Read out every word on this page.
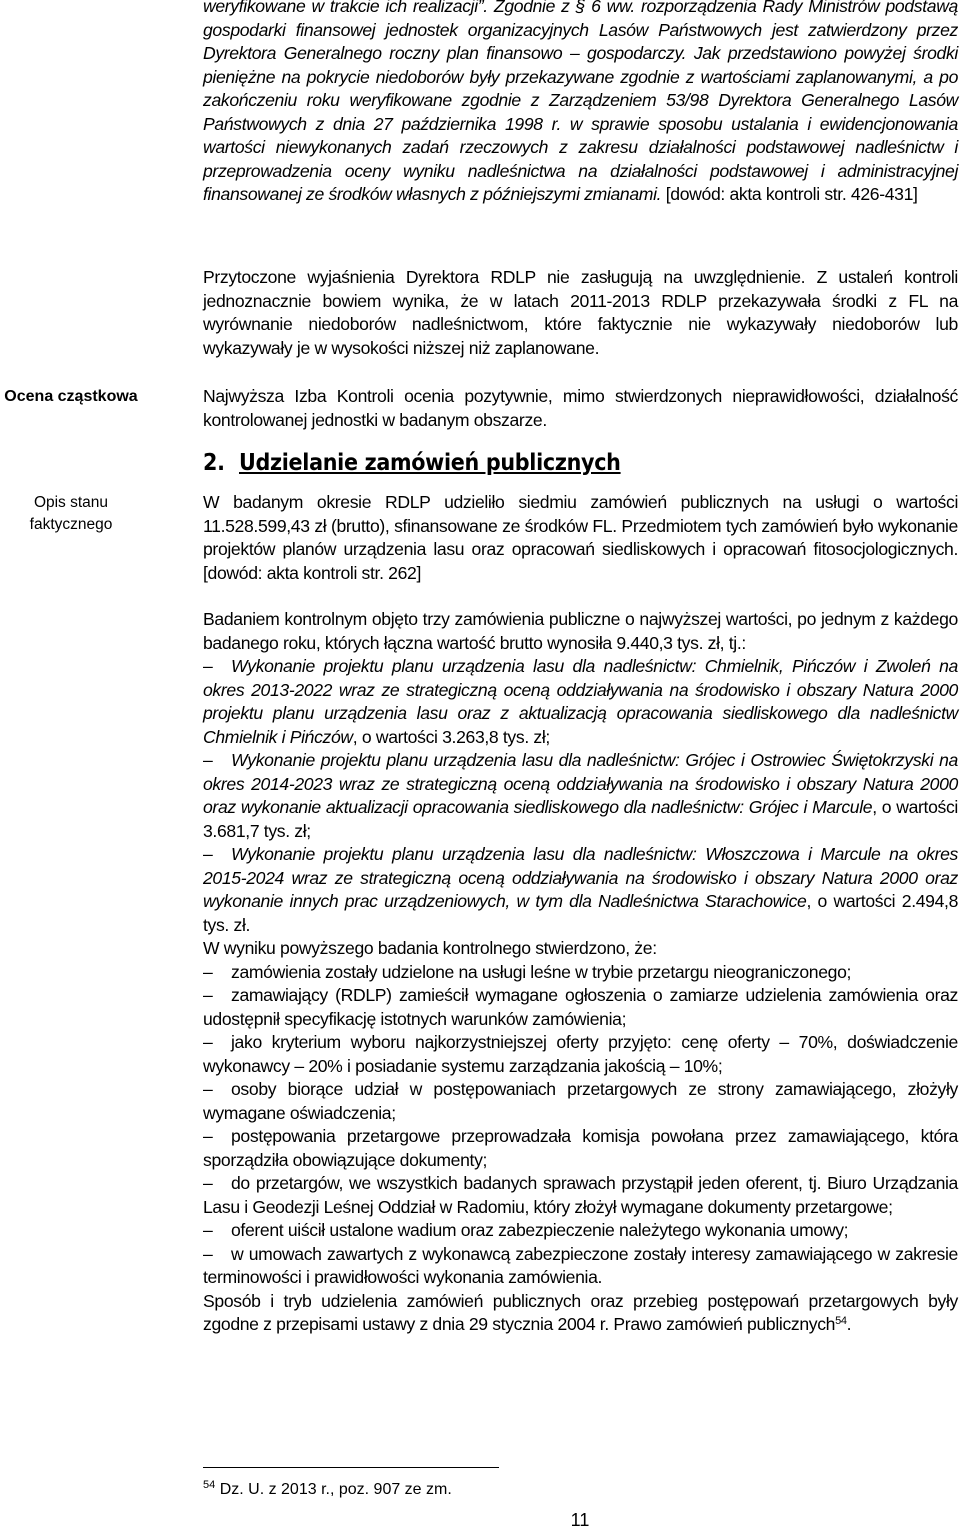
Ocena cząstkowa
Opis stanu
faktycznego

weryfikowane w trakcie ich realizacji”. Zgodnie z § 6 ww. rozporządzenia Rady Ministrów podstawą gospodarki finansowej jednostek organizacyjnych Lasów Państwowych jest zatwierdzony przez Dyrektora Generalnego roczny plan finansowo – gospodarczy. Jak przedstawiono powyżej środki pieniężne na pokrycie niedoborów były przekazywane zgodnie z wartościami zaplanowanymi, a po zakończeniu roku weryfikowane zgodnie z Zarządzeniem 53/98 Dyrektora Generalnego Lasów Państwowych z dnia 27 października 1998 r. w sprawie sposobu ustalania i ewidencjonowania wartości niewykonanych zadań rzeczowych z zakresu działalności podstawowej nadleśnictw i przeprowadzenia oceny wyniku nadleśnictwa na działalności podstawowej i administracyjnej finansowanej ze środków własnych z późniejszymi zmianami. [dowód: akta kontroli str. 426-431]

Przytoczone wyjaśnienia Dyrektora RDLP nie zasługują na uwzględnienie. Z ustaleń kontroli jednoznacznie bowiem wynika, że w latach 2011-2013 RDLP przekazywała środki z FL na wyrównanie niedoborów nadleśnictwom, które faktycznie nie wykazywały niedoborów lub wykazywały je w wysokości niższej niż zaplanowane.

Najwyższa Izba Kontroli ocenia pozytywnie, mimo stwierdzonych nieprawidłowości, działalność kontrolowanej jednostki w badanym obszarze.

2. Udzielanie zamówień publicznych

W badanym okresie RDLP udzieliło siedmiu zamówień publicznych na usługi o wartości 11.528.599,43 zł (brutto), sfinansowane ze środków FL. Przedmiotem tych zamówień było wykonanie projektów planów urządzenia lasu oraz opracowań siedliskowych i opracowań fitosocjologicznych. [dowód: akta kontroli str. 262]

Badaniem kontrolnym objęto trzy zamówienia publiczne o najwyższej wartości, po jednym z każdego badanego roku, których łączna wartość brutto wynosiła 9.440,3 tys. zł, tj.:

– Wykonanie projektu planu urządzenia lasu dla nadleśnictw: Chmielnik, Pińczów i Zwoleń na okres 2013-2022 wraz ze strategiczną oceną oddziaływania na środowisko i obszary Natura 2000 projektu planu urządzenia lasu oraz z aktualizacją opracowania siedliskowego dla nadleśnictw Chmielnik i Pińczów, o wartości 3.263,8 tys. zł;

– Wykonanie projektu planu urządzenia lasu dla nadleśnictw: Grójec i Ostrowiec Świętokrzyski na okres 2014-2023 wraz ze strategiczną oceną oddziaływania na środowisko i obszary Natura 2000 oraz wykonanie aktualizacji opracowania siedliskowego dla nadleśnictw: Grójec i Marcule, o wartości 3.681,7 tys. zł;

– Wykonanie projektu planu urządzenia lasu dla nadleśnictw: Włoszczowa i Marcule na okres 2015-2024 wraz ze strategiczną oceną oddziaływania na środowisko i obszary Natura 2000 oraz wykonanie innych prac urządzeniowych, w tym dla Nadleśnictwa Starachowice, o wartości 2.494,8 tys. zł.

W wyniku powyższego badania kontrolnego stwierdzono, że:

– zamówienia zostały udzielone na usługi leśne w trybie przetargu nieograniczonego;

– zamawiający (RDLP) zamieścił wymagane ogłoszenia o zamiarze udzielenia zamówienia oraz udostępnił specyfikację istotnych warunków zamówienia;

– jako kryterium wyboru najkorzystniejszej oferty przyjęto: cenę oferty – 70%, doświadczenie wykonawcy – 20% i posiadanie systemu zarządzania jakością – 10%;

– osoby biorące udział w postępowaniach przetargowych ze strony zamawiającego, złożyły wymagane oświadczenia;

– postępowania przetargowe przeprowadzała komisja powołana przez zamawiającego, która sporządziła obowiązujące dokumenty;

– do przetargów, we wszystkich badanych sprawach przystąpił jeden oferent, tj. Biuro Urządzania Lasu i Geodezji Leśnej Oddział w Radomiu, który złożył wymagane dokumenty przetargowe;

– oferent uiścił ustalone wadium oraz zabezpieczenie należytego wykonania umowy;

– w umowach zawartych z wykonawcą zabezpieczone zostały interesy zamawiającego w zakresie terminowości i prawidłowości wykonania zamówienia.

Sposób i tryb udzielenia zamówień publicznych oraz przebieg postępowań przetargowych były zgodne z przepisami ustawy z dnia 29 stycznia 2004 r. Prawo zamówień publicznych$^{54}$.

$^{54}$ Dz. U. z 2013 r., poz. 907 ze zm.
11
